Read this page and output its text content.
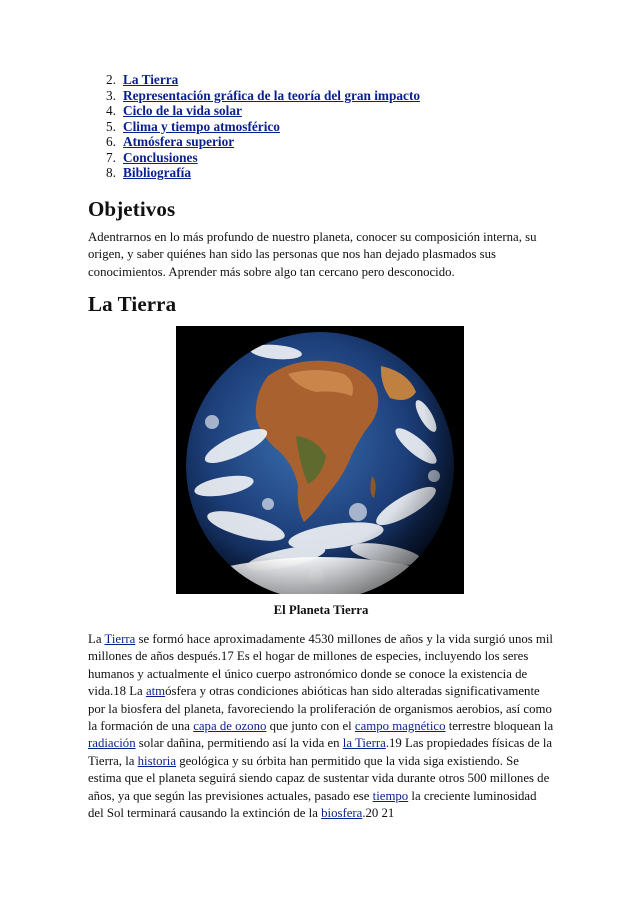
2. La Tierra
3. Representación gráfica de la teoría del gran impacto
4. Ciclo de la vida solar
5. Clima y tiempo atmosférico
6. Atmósfera superior
7. Conclusiones
8. Bibliografía
Objetivos

Adentrarnos en lo más profundo de nuestro planeta, conocer su composición interna, su origen, y saber quiénes han sido las personas que nos han dejado plasmados sus conocimientos. Aprender más sobre algo tan cercano pero desconocido.

La Tierra

El Planeta Tierra

La Tierra se formó hace aproximadamente 4530 millones de años y la vida surgió unos mil millones de años después.17 Es el hogar de millones de especies, incluyendo los seres humanos y actualmente el único cuerpo astronómico donde se conoce la existencia de vida.18 La atmósfera y otras condiciones abióticas han sido alteradas significativamente por la biosfera del planeta, favoreciendo la proliferación de organismos aerobios, así como la formación de una capa de ozono que junto con el campo magnético terrestre bloquean la radiación solar dañina, permitiendo así la vida en la Tierra.19 Las propiedades físicas de la Tierra, la historia geológica y su órbita han permitido que la vida siga existiendo. Se estima que el planeta seguirá siendo capaz de sustentar vida durante otros 500 millones de años, ya que según las previsiones actuales, pasado ese tiempo la creciente luminosidad del Sol terminará causando la extinción de la biosfera.20 21
